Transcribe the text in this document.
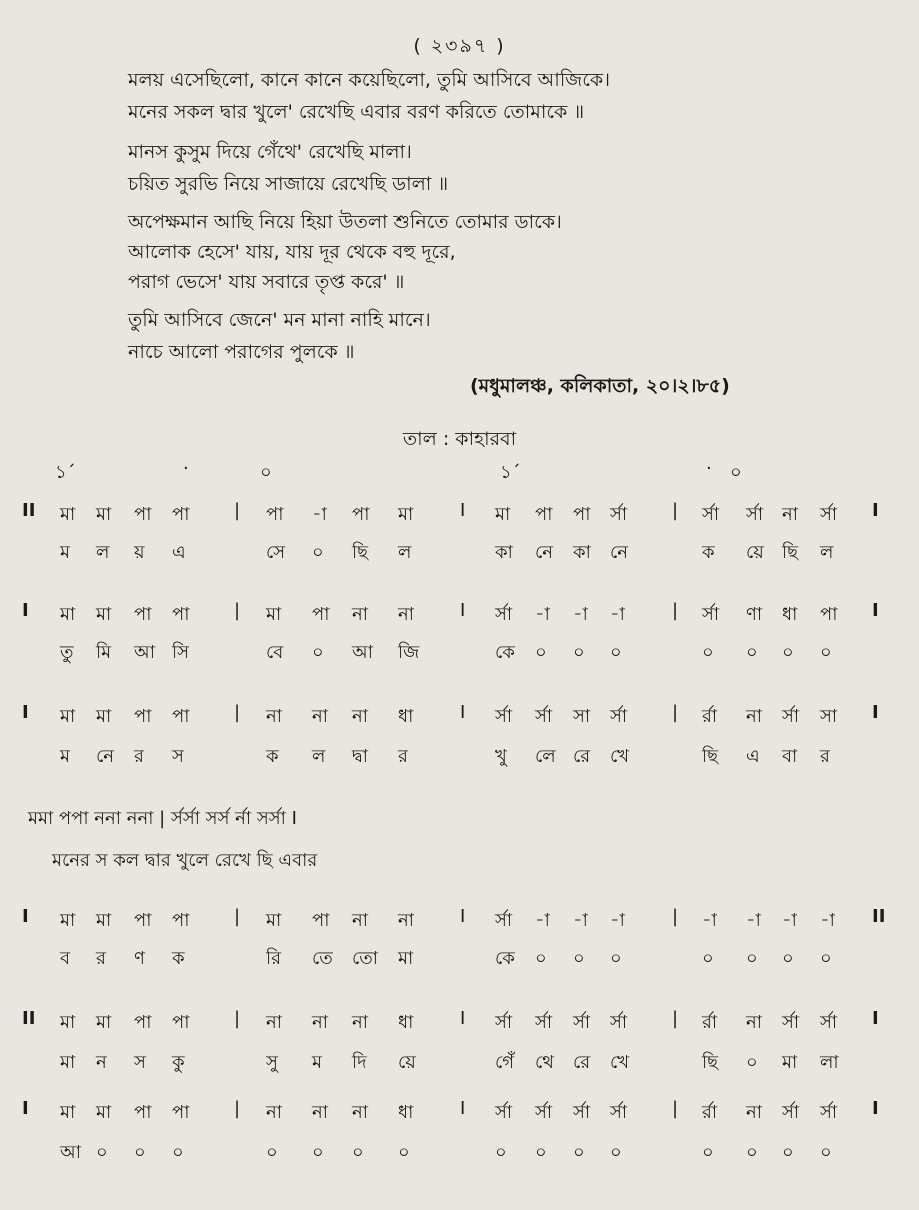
( ২৩৯৭ )
মলয় এসেছিলো, কানে কানে কয়েছিলো, তুমি আসিবে আজিকে।
মনের সকল দ্বার খুলে' রেখেছি এবার বরণ করিতে তোমাকে ॥
মানস কুসুম দিয়ে গেঁথে' রেখেছি মালা।
চয়িত সুরভি নিয়ে সাজায়ে রেখেছি ডালা ॥
অপেক্ষমান আছি নিয়ে হিয়া উতলা শুনিতে তোমার ডাকে।
আলোক হেসে' যায়, যায় দূর থেকে বহু দূরে,
পরাগ ভেসে' যায় সবারে তৃপ্ত করে' ॥
তুমি আসিবে জেনে' মন মানা নাহি মানে।
নাচে আলো পরাগের পুলকে ॥
(মধুমালঞ্চ, কলিকাতা, ২০।২।৮৫)
তাল : কাহারবা
১´	·	০	১´	· ০
II মা মা পা পা | পা -া পা মা	I মা পা পা র্সা | র্সা র্সা না র্সা I
ম ল য় এ	সে ০ ছি ল	কা নে কা নে	ক য়ে ছি ল
I মা মা পা পা | মা পা না না	I র্সা -া -া -া	| র্সা ণা ধা পা I
তু মি আ সি	বে ০ আ জি	কে ০ ০ ০	০ ০ ০ ০
I মা মা পা পা | না না না ধা	I র্সা র্সা সা র্সা | র্রা না র্সা সা I
ম নে র স	ক ল দ্বা র	খু লে রে খে	ছি এ বা র
I মা মা পা পা | মা পা না না	I র্সা -া -া -া	| -া -া -া -া II
ব র ণ ক	রি তে তো মা	কে ০ ০ ০	০ ০ ০ ০
II মা মা পা পা | না না না ধা	I র্সা র্সা র্সা র্সা | র্রা না র্সা র্সা I
মা ন স কু	সু ম দি য়ে	গেঁ থে রে খে	ছি ০ মা লা
I মা মা পা পা | না না না ধা	I র্সা র্সা র্সা র্সা | র্রা না র্সা র্সা I
আ ০ ০ ০	০ ০ ০ ০	০ ০ ০ ০	০ ০ ০ ০
মমা পপা ননা ননা | র্সর্সা সর্স র্না সর্সা I
মনের স কল দ্বার খুলে রেখে ছি এবার
